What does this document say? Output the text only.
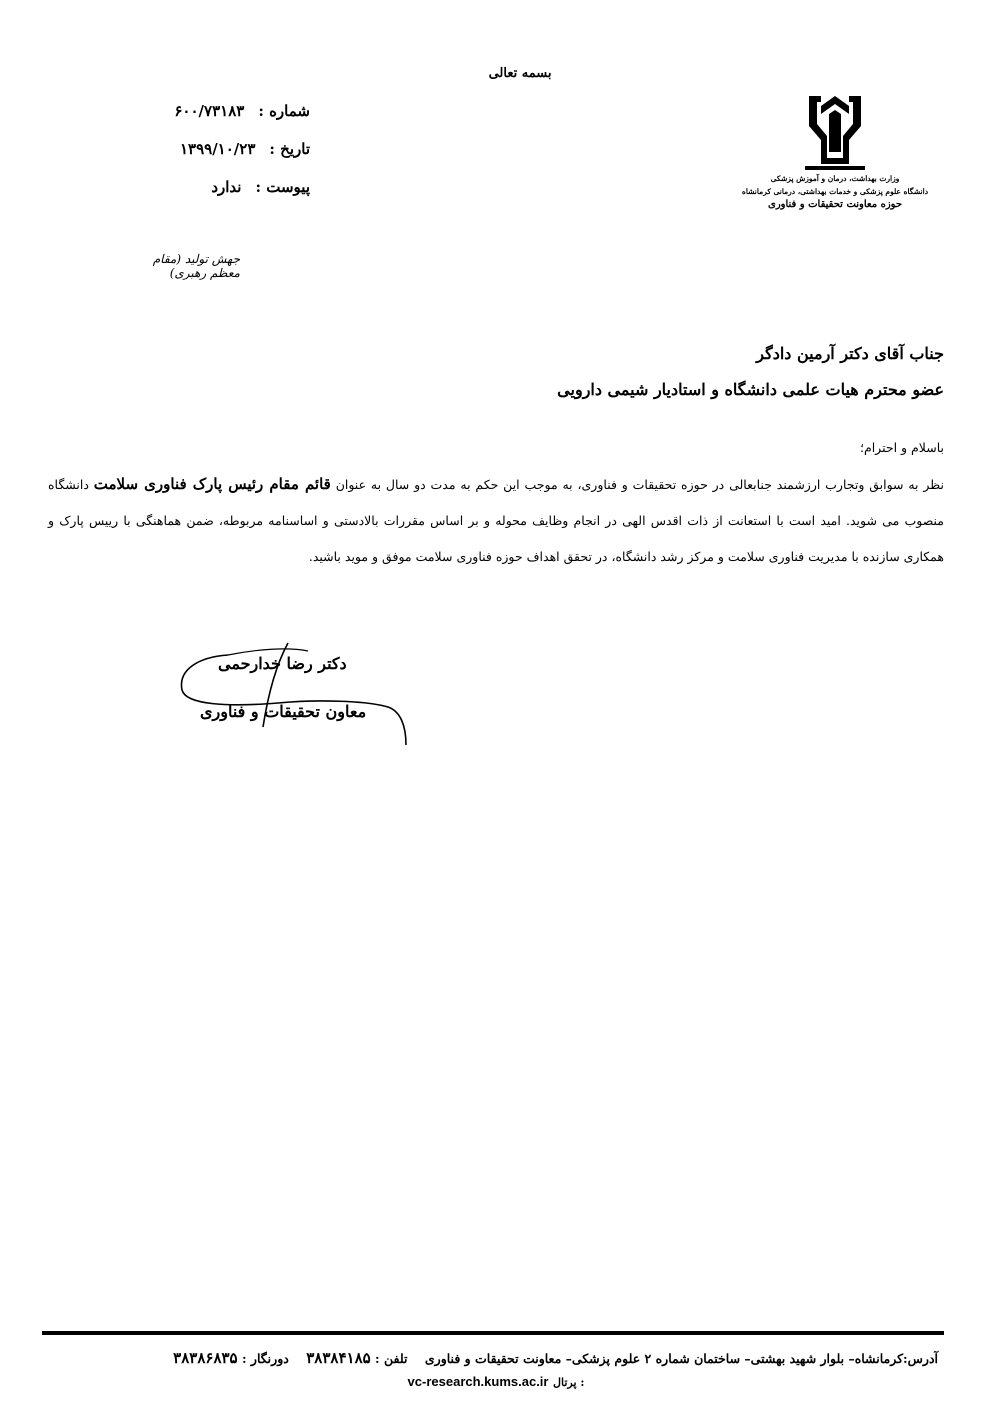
بسمه تعالی
شماره :
۶۰۰/۷۳۱۸۳
تاریخ :
۱۳۹۹/۱۰/۲۳
پیوست :
ندارد	وزارت بهداشت، درمان و آموزش پزشکی
دانشگاه علوم پزشکی و خدمات بهداشتی، درمانی کرمانشاه
حوزه معاونت تحقیقات و فناوری
جهش تولید (مقام معظم رهبری)
جناب آقای دکتر آرمین دادگر
عضو محترم هیات علمی دانشگاه و استادیار شیمی دارویی
باسلام و احترام؛
نظر به سوابق وتجارب ارزشمند جنابعالی در حوزه تحقیقات و فناوری، به موجب این حکم به مدت دو سال به عنوان قائم مقام رئیس پارک فناوری سلامت دانشگاه منصوب می شوید. امید است با استعانت از ذات اقدس الهی در انجام وظایف محوله و بر اساس مقررات بالادستی و اساسنامه مربوطه، ضمن هماهنگی با رییس پارک و همکاری سازنده با مدیریت فناوری سلامت و مرکز رشد دانشگاه، در تحقق اهداف حوزه فناوری سلامت موفق و موید باشید.
دکتر رضا خدارحمی
معاون تحقیقات و فناوری
آدرس:کرمانشاه– بلوار شهید بهشتی– ساختمان شماره ۲ علوم پزشکی– معاونت تحقیقات و فناوری    تلفن : ۳۸۳۸۴۱۸۵    دورنگار : ۳۸۳۸۶۸۳۵
vc-research.kums.ac.ir پرتال :
